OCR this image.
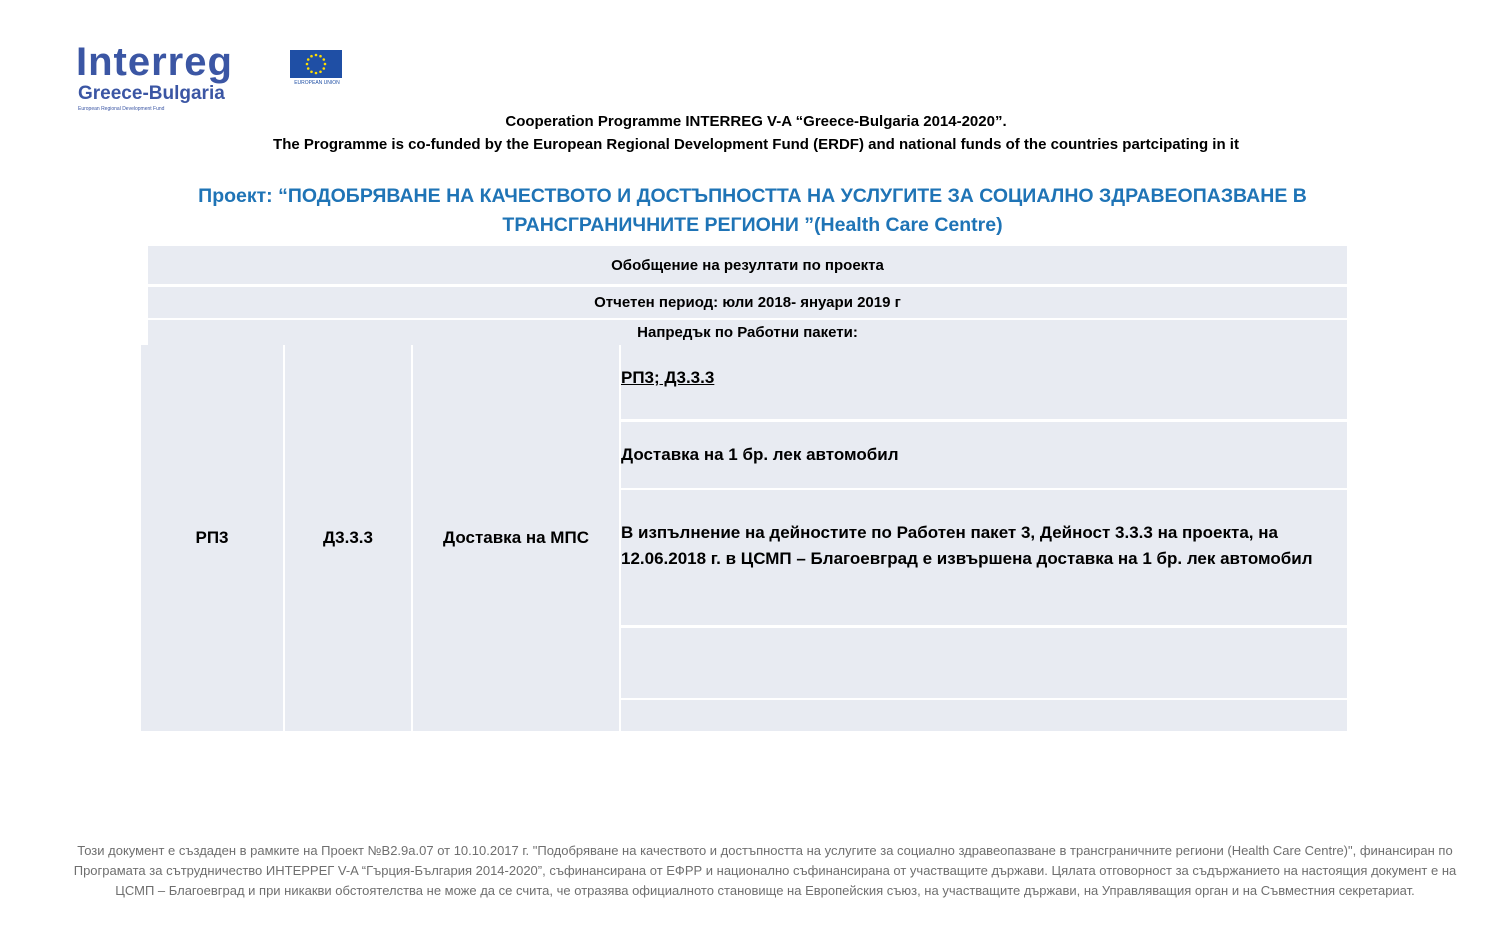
Interreg
Greece-Bulgaria
European Regional Development Fund
EUROPEAN UNION
Cooperation Programme INTERREG V-A “Greece-Bulgaria 2014-2020”.
The Programme is co-funded by the European Regional Development Fund (ERDF) and national funds of the countries partcipating in it
Проект: “ПОДОБРЯВАНЕ НА КАЧЕСТВОТО И ДОСТЪПНОСТТА НА УСЛУГИТЕ ЗА СОЦИАЛНО ЗДРАВЕОПАЗВАНЕ В ТРАНСГРАНИЧНИТЕ РЕГИОНИ ”(Health Care Centre)
Обобщение на резултати по проекта
Отчетен период: юли 2018- януари 2019 г
Напредък по Работни пакети:
РП3	Д3.3.3	Доставка на МПС
РП3; Д3.3.3
Доставка на 1 бр. лек автомобил
В изпълнение на дейностите по Работен пакет 3, Дейност 3.3.3 на проекта, на 12.06.2018 г. в ЦСМП – Благоевград е извършена доставка на 1 бр. лек автомобил
Този документ е създаден в рамките на Проект №B2.9a.07 от 10.10.2017 г. "Подобряване на качеството и достъпността на услугите за социално здравеопазване в трансграничните региони (Health Care Centre)", финансиран по Програмата за сътрудничество ИНТЕРРЕГ V-A “Гърция-България 2014-2020”, съфинансирана от ЕФРР и национално съфинансирана от участващите държави. Цялата отговорност за съдържанието на настоящия документ е на ЦСМП – Благоевград и при никакви обстоятелства не може да се счита, че отразява официалното становище на Европейския съюз, на участващите държави, на Управляващия орган и на Съвместния секретариат.
